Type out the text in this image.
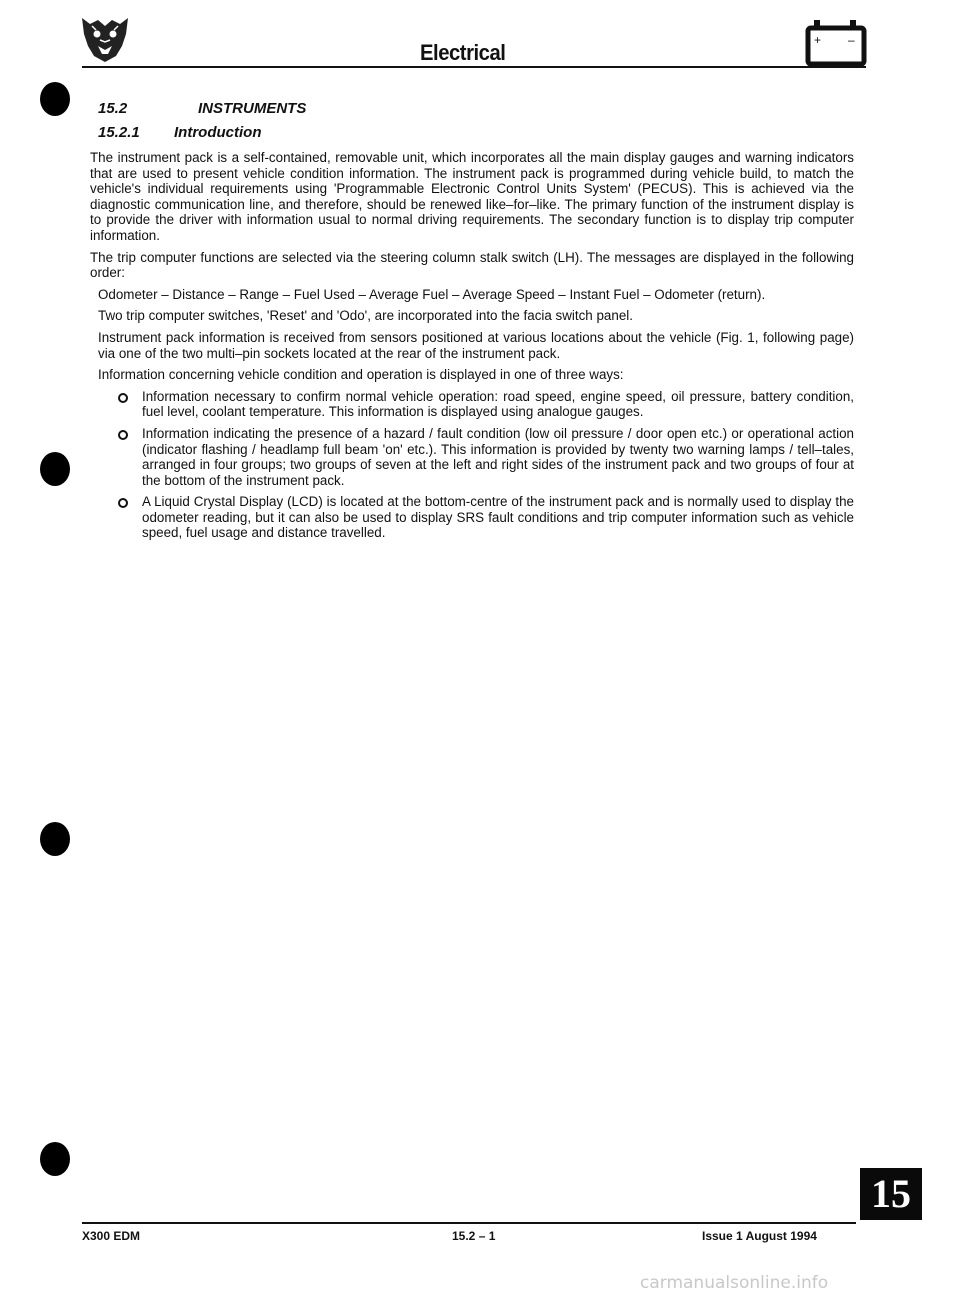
Electrical	+ –
15.2	INSTRUMENTS
15.2.1 Introduction

The instrument pack is a self-contained, removable unit, which incorporates all the main display gauges and warning indicators that are used to present vehicle condition information. The instrument pack is programmed during vehicle build, to match the vehicle's individual requirements using 'Programmable Electronic Control Units System' (PECUS). This is achieved via the diagnostic communication line, and therefore, should be renewed like–for–like. The primary function of the instrument display is to provide the driver with information usual to normal driving requirements. The secondary function is to display trip computer information.

The trip computer functions are selected via the steering column stalk switch (LH). The messages are displayed in the following order:

Odometer – Distance – Range – Fuel Used – Average Fuel – Average Speed – Instant Fuel – Odometer (return).

Two trip computer switches, 'Reset' and 'Odo', are incorporated into the facia switch panel.

Instrument pack information is received from sensors positioned at various locations about the vehicle (Fig. 1, following page) via one of the two multi–pin sockets located at the rear of the instrument pack.

Information concerning vehicle condition and operation is displayed in one of three ways:

Information necessary to confirm normal vehicle operation: road speed, engine speed, oil pressure, battery condition, fuel level, coolant temperature. This information is displayed using analogue gauges.
Information indicating the presence of a hazard / fault condition (low oil pressure / door open etc.) or operational action (indicator flashing / headlamp full beam 'on' etc.). This information is provided by twenty two warning lamps / tell–tales, arranged in four groups; two groups of seven at the left and right sides of the instrument pack and two groups of four at the bottom of the instrument pack.
A Liquid Crystal Display (LCD) is located at the bottom-centre of the instrument pack and is normally used to display the odometer reading, but it can also be used to display SRS fault conditions and trip computer information such as vehicle speed, fuel usage and distance travelled.
15
X300 EDM	15.2 – 1	Issue 1 August 1994
carmanualsonline.info
